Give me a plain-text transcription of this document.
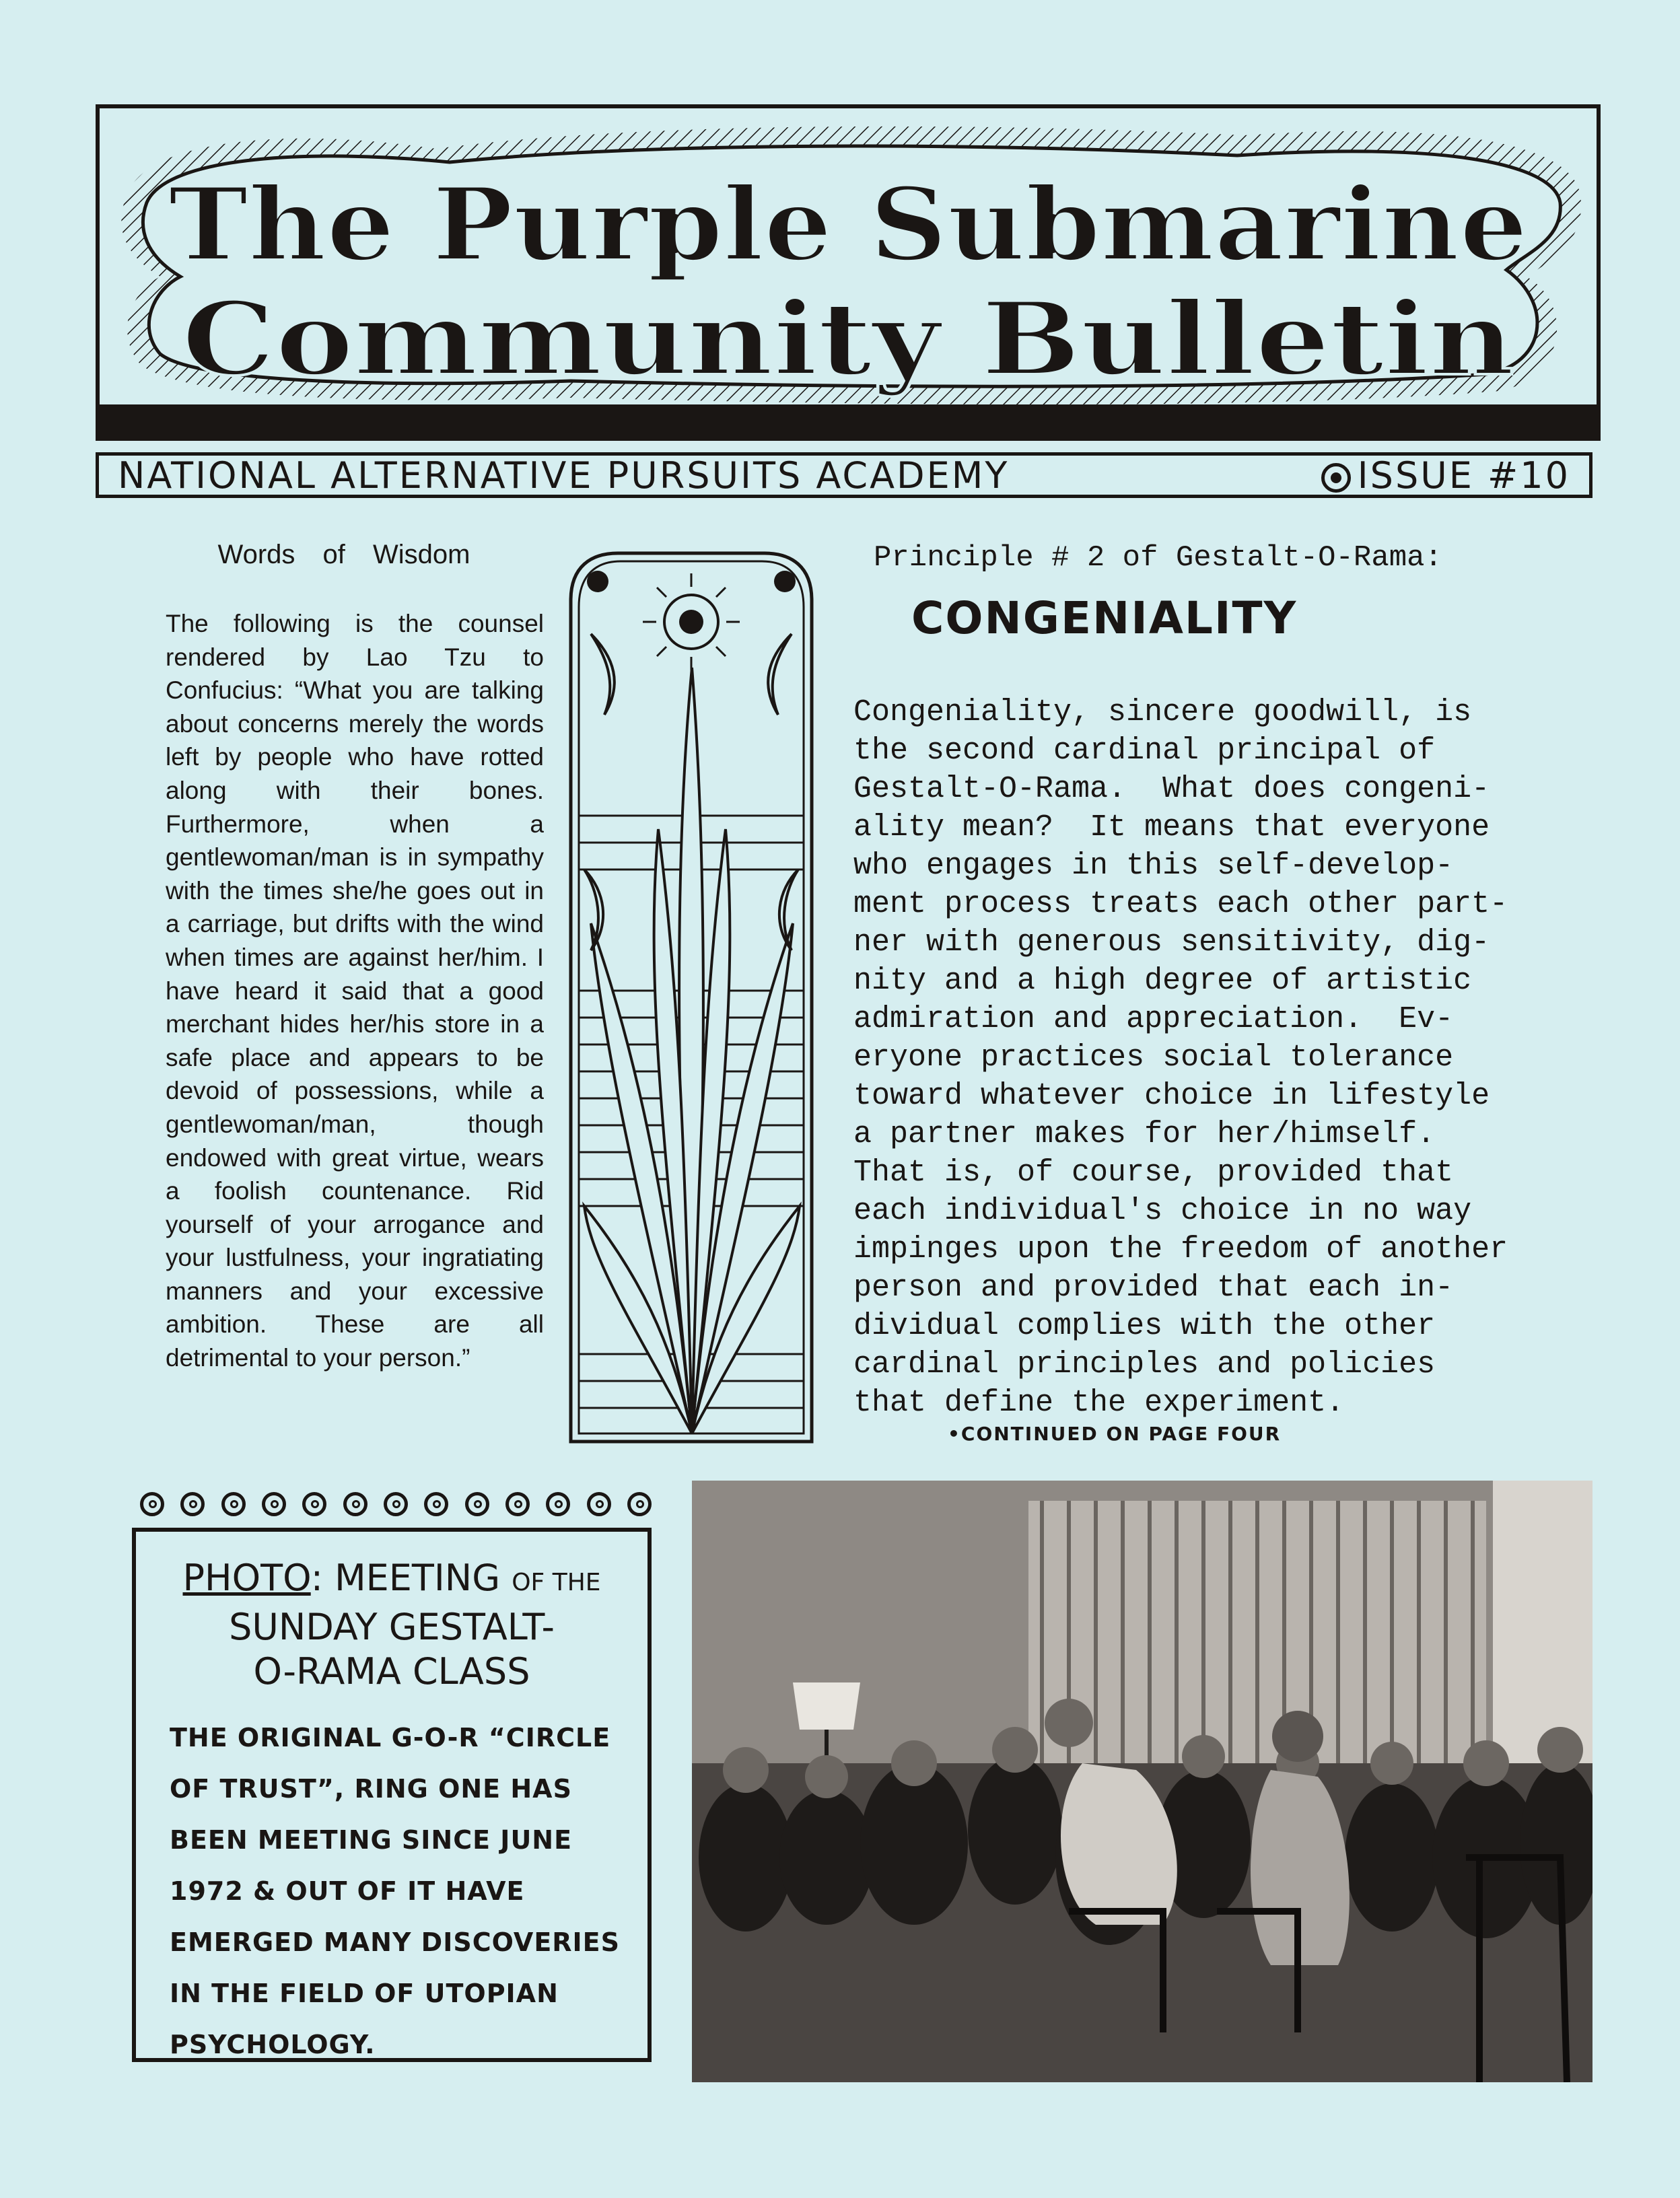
The Purple Submarine
Community Bulletin
NATIONAL ALTERNATIVE PURSUITS ACADEMY	ISSUE #10
Words of Wisdom
The following is the counsel rendered by Lao Tzu to Confucius: “What you are talking about concerns merely the words left by people who have rotted along with their bones. Furthermore, when a gentlewoman/man is in sympathy with the times she/he goes out in a carriage, but drifts with the wind when times are against her/him. I have heard it said that a good merchant hides her/his store in a safe place and appears to be devoid of possessions, while a gentlewoman/man, though endowed with great virtue, wears a foolish countenance. Rid yourself of your arrogance and your lustfulness, your ingratiating manners and your excessive ambition. These are all detrimental to your person.”
Principle # 2 of Gestalt-O-Rama:
CONGENIALITY
Congeniality, sincere goodwill, is
the second cardinal principal of
Gestalt-O-Rama.  What does congeni-
ality mean?  It means that everyone
who engages in this self-develop-
ment process treats each other part-
ner with generous sensitivity, dig-
nity and a high degree of artistic
admiration and appreciation.  Ev-
eryone practices social tolerance
toward whatever choice in lifestyle
a partner makes for her/himself.
That is, of course, provided that
each individual's choice in no way
impinges upon the freedom of another
person and provided that each in-
dividual complies with the other
cardinal principles and policies
that define the experiment.
•CONTINUED ON PAGE FOUR
PHOTO: MEETING OF THE
SUNDAY GESTALT-
O-RAMA CLASS
THE ORIGINAL G-O-R “CIRCLE OF TRUST”, RING ONE HAS BEEN MEETING SINCE JUNE 1972 & OUT OF IT HAVE EMERGED MANY DISCOVERIES IN THE FIELD OF UTOPIAN PSYCHOLOGY.
